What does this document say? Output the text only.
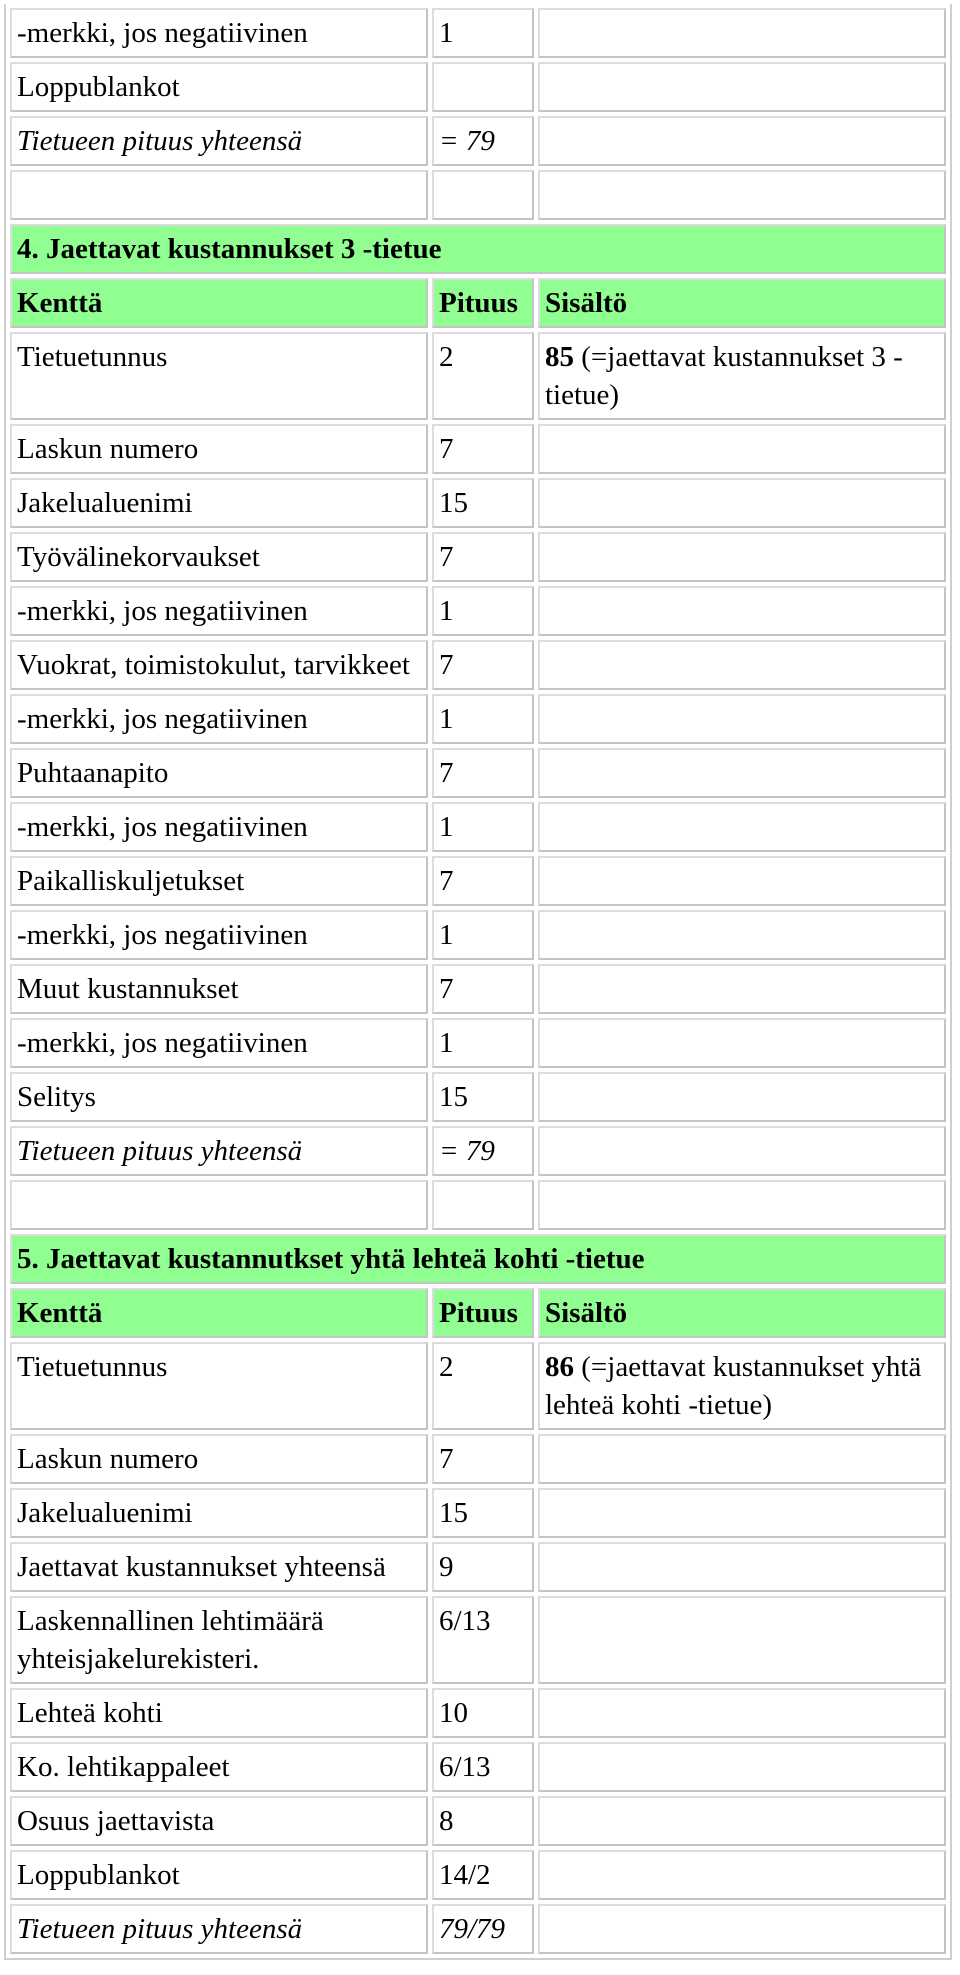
-merkki, jos negatiivinen	1	
Loppublankot		
Tietueen pituus yhteensä	= 79	

4. Jaettavat kustannukset 3 -tietue		
Kenttä	Pituus	Sisältö
Tietuetunnus	2	85 (=jaettavat kustannukset 3 -tietue)
Laskun numero	7	
Jakelualuenimi	15	
Työvälinekorvaukset	7	
-merkki, jos negatiivinen	1	
Vuokrat, toimistokulut, tarvikkeet	7	
-merkki, jos negatiivinen	1	
Puhtaanapito	7	
-merkki, jos negatiivinen	1	
Paikalliskuljetukset	7	
-merkki, jos negatiivinen	1	
Muut kustannukset	7	
-merkki, jos negatiivinen	1	
Selitys	15	
Tietueen pituus yhteensä	= 79	

5. Jaettavat kustannutkset yhtä lehteä kohti -tietue		
Kenttä	Pituus	Sisältö
Tietuetunnus	2	86 (=jaettavat kustannukset yhtä lehteä kohti -tietue)
Laskun numero	7	
Jakelualuenimi	15	
Jaettavat kustannukset yhteensä	9	
Laskennallinen lehtimäärä yhteisjakelurekisteri.	6/13	
Lehteä kohti	10	
Ko. lehtikappaleet	6/13	
Osuus jaettavista	8	
Loppublankot	14/2	
Tietueen pituus yhteensä	79/79	
